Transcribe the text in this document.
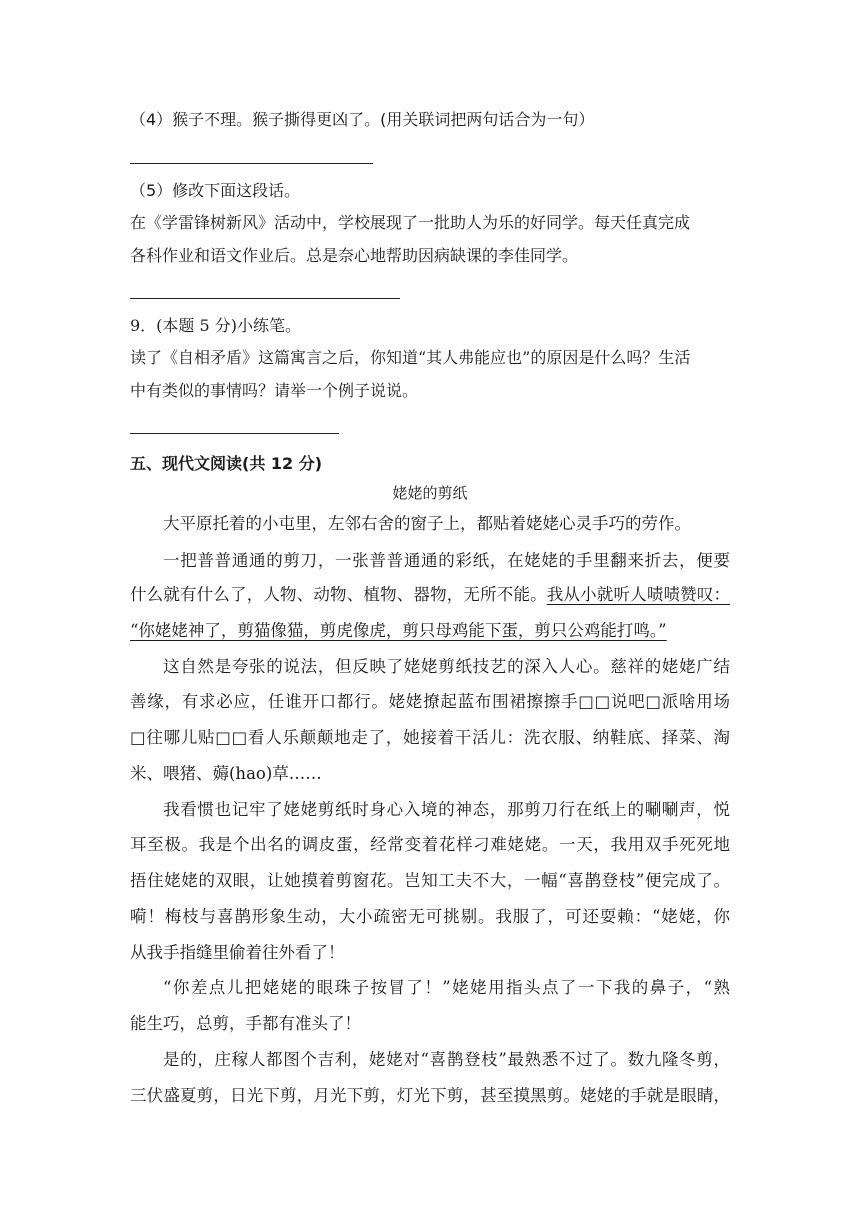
（4）猴子不理。猴子撕得更凶了。(用关联词把两句话合为一句）
（5）修改下面这段话。
在《学雷锋树新风》活动中，学校展现了一批助人为乐的好同学。每天任真完成
各科作业和语文作业后。总是奈心地帮助因病缺课的李佳同学。
9．(本题 5 分)小练笔。
读了《自相矛盾》这篇寓言之后，你知道“其人弗能应也”的原因是什么吗？生活
中有类似的事情吗？请举一个例子说说。
五、现代文阅读(共 12 分)
姥姥的剪纸
大平原托着的小屯里，左邻右舍的窗子上，都贴着姥姥心灵手巧的劳作。
一把普普通通的剪刀，一张普普通通的彩纸，在姥姥的手里翻来折去，便要
什么就有什么了，人物、动物、植物、器物，无所不能。我从小就听人啧啧赞叹：
“你姥姥神了，剪猫像猫，剪虎像虎，剪只母鸡能下蛋，剪只公鸡能打鸣。”
这自然是夸张的说法，但反映了姥姥剪纸技艺的深入人心。慈祥的姥姥广结
善缘，有求必应，任谁开口都行。姥姥撩起蓝布围裙擦擦手□□说吧□派啥用场
□往哪儿贴□□看人乐颠颠地走了，她接着干活儿：洗衣服、纳鞋底、择菜、淘
米、喂猪、薅(hao)草……
我看惯也记牢了姥姥剪纸时身心入境的神态，那剪刀行在纸上的唰唰声，悦
耳至极。我是个出名的调皮蛋，经常变着花样刁难姥姥。一天，我用双手死死地
捂住姥姥的双眼，让她摸着剪窗花。岂知工夫不大，一幅“喜鹊登枝”便完成了。
嗬！梅枝与喜鹊形象生动，大小疏密无可挑剔。我服了，可还耍赖：“姥姥，你
从我手指缝里偷着往外看了！
“你差点儿把姥姥的眼珠子按冒了！”姥姥用指头点了一下我的鼻子，“熟
能生巧，总剪，手都有准头了！
是的，庄稼人都图个吉利，姥姥对“喜鹊登枝”最熟悉不过了。数九隆冬剪，
三伏盛夏剪，日光下剪，月光下剪，灯光下剪，甚至摸黑剪。姥姥的手就是眼睛，
